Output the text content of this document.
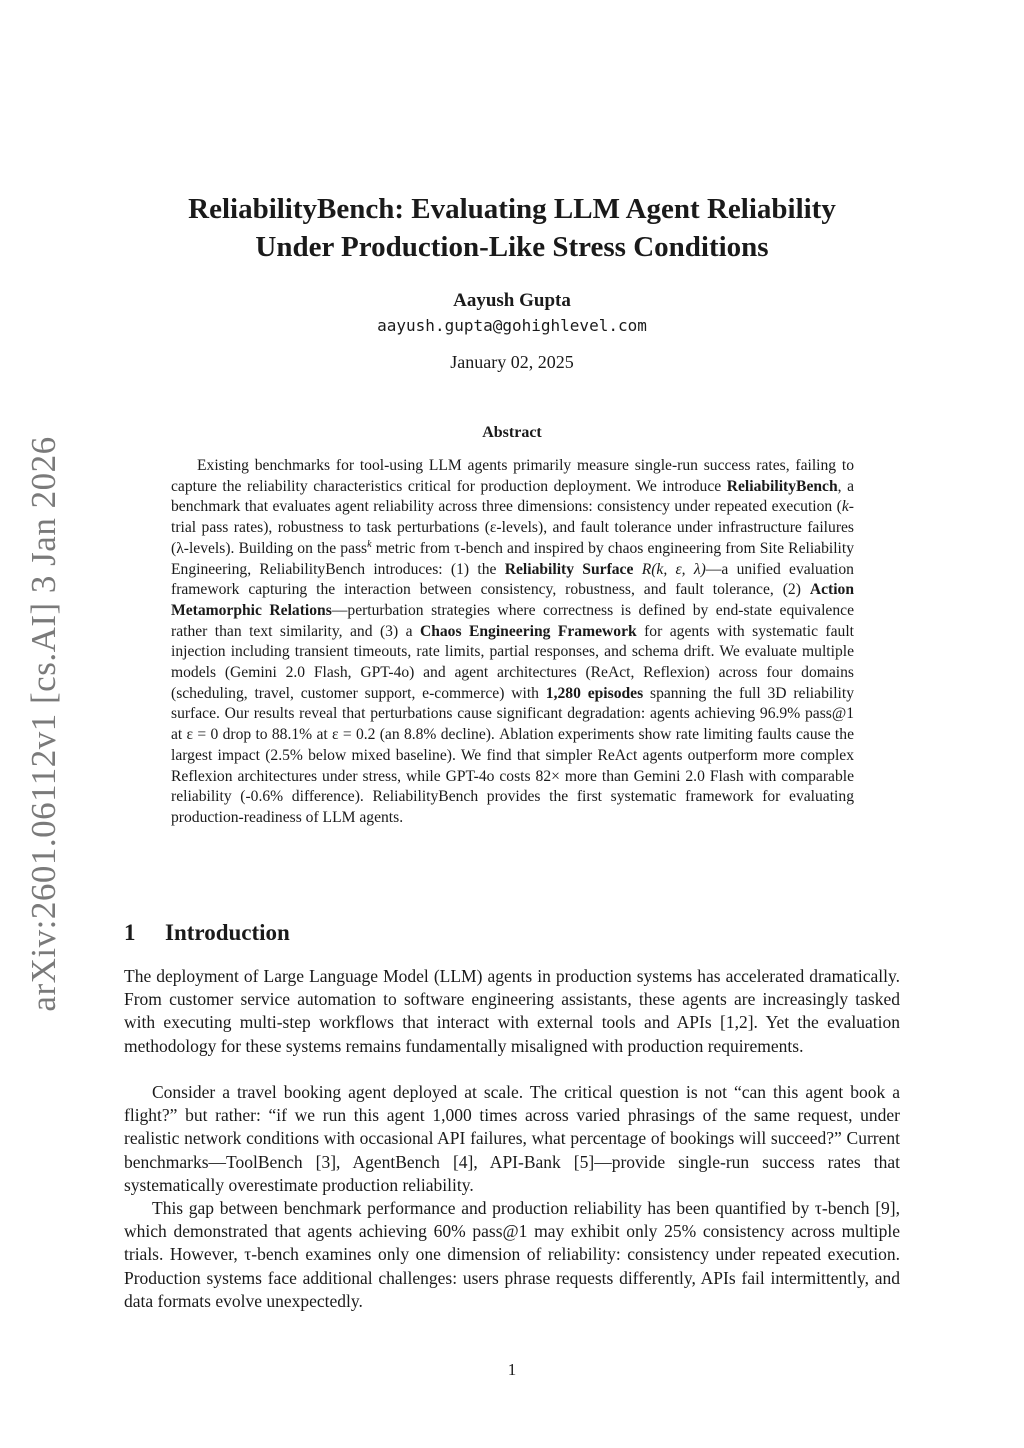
arXiv:2601.06112v1 [cs.AI] 3 Jan 2026
ReliabilityBench: Evaluating LLM Agent Reliability
Under Production-Like Stress Conditions
Aayush Gupta
aayush.gupta@gohighlevel.com
January 02, 2025
Abstract

Existing benchmarks for tool-using LLM agents primarily measure single-run success rates, failing to capture the reliability characteristics critical for production deployment. We introduce ReliabilityBench, a benchmark that evaluates agent reliability across three dimensions: consistency under repeated execution (k-trial pass rates), robustness to task perturbations (ε-levels), and fault tolerance under infrastructure failures (λ-levels). Building on the pass$^k$ metric from τ-bench and inspired by chaos engineering from Site Reliability Engineering, ReliabilityBench introduces: (1) the Reliability Surface R(k, ε, λ)—a unified evaluation framework capturing the interaction between consistency, robustness, and fault tolerance, (2) Action Metamorphic Relations—perturbation strategies where correctness is defined by end-state equivalence rather than text similarity, and (3) a Chaos Engineering Framework for agents with systematic fault injection including transient timeouts, rate limits, partial responses, and schema drift. We evaluate multiple models (Gemini 2.0 Flash, GPT-4o) and agent architectures (ReAct, Reflexion) across four domains (scheduling, travel, customer support, e-commerce) with 1,280 episodes spanning the full 3D reliability surface. Our results reveal that perturbations cause significant degradation: agents achieving 96.9% pass@1 at ε = 0 drop to 88.1% at ε = 0.2 (an 8.8% decline). Ablation experiments show rate limiting faults cause the largest impact (2.5% below mixed baseline). We find that simpler ReAct agents outperform more complex Reflexion architectures under stress, while GPT-4o costs 82× more than Gemini 2.0 Flash with comparable reliability (-0.6% difference). ReliabilityBench provides the first systematic framework for evaluating production-readiness of LLM agents.

1 Introduction

The deployment of Large Language Model (LLM) agents in production systems has accelerated dramatically. From customer service automation to software engineering assistants, these agents are increasingly tasked with executing multi-step workflows that interact with external tools and APIs [1,2]. Yet the evaluation methodology for these systems remains fundamentally misaligned with production requirements.

Consider a travel booking agent deployed at scale. The critical question is not “can this agent book a flight?” but rather: “if we run this agent 1,000 times across varied phrasings of the same request, under realistic network conditions with occasional API failures, what percentage of bookings will succeed?” Current benchmarks—ToolBench [3], AgentBench [4], API-Bank [5]—provide single-run success rates that systematically overestimate production reliability.

This gap between benchmark performance and production reliability has been quantified by τ-bench [9], which demonstrated that agents achieving 60% pass@1 may exhibit only 25% consistency across multiple trials. However, τ-bench examines only one dimension of reliability: consistency under repeated execution. Production systems face additional challenges: users phrase requests differently, APIs fail intermittently, and data formats evolve unexpectedly.

1
